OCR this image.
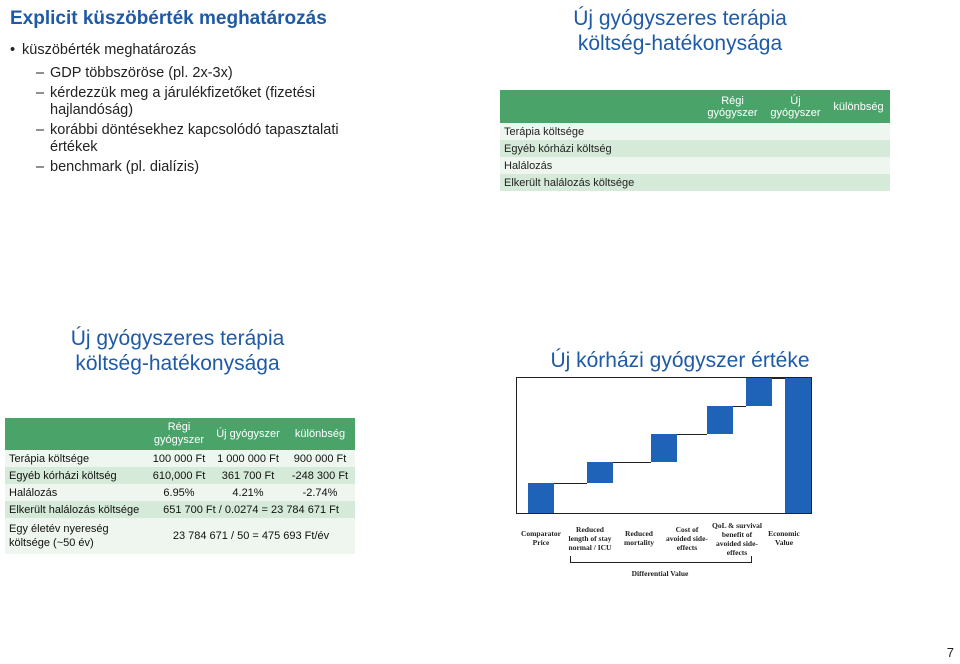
Explicit küszöbérték meghatározás
• küszöbérték meghatározás
– GDP többszöröse (pl. 2x-3x)
– kérdezzük meg a járulékfizetőket (fizetési
hajlandóság)
– korábbi döntésekhez kapcsolódó tapasztalati
értékek
– benchmark (pl. dialízis)
Új gyógyszeres terápia
költség-hatékonysága
		Régi gyógyszer	Új gyógyszer	különbség
Terápia költsége				
Egyéb kórházi költség				
Halálozás				
Elkerült halálozás költsége				
Új gyógyszeres terápia
költség-hatékonysága
	Régi gyógyszer	Új gyógyszer	különbség
Terápia költsége	100 000 Ft	1 000 000 Ft	900 000 Ft
Egyéb kórházi költség	610,000 Ft	361 700 Ft	-248 300 Ft
Halálozás	6.95%	4.21%	-2.74%
Elkerült halálozás költsége	651 700 Ft / 0.0274 = 23 784 671 Ft		
Egy életév nyereség költsége (~50 év)	23 784 671 / 50 = 475 693 Ft/év		
Új kórházi gyógyszer értéke
Comparator Price
Reduced length of stay normal / ICU
Reduced mortality
Cost of avoided side-effects
QoL & survival benefit of avoided side-effects
Economic Value
Differential Value
7
